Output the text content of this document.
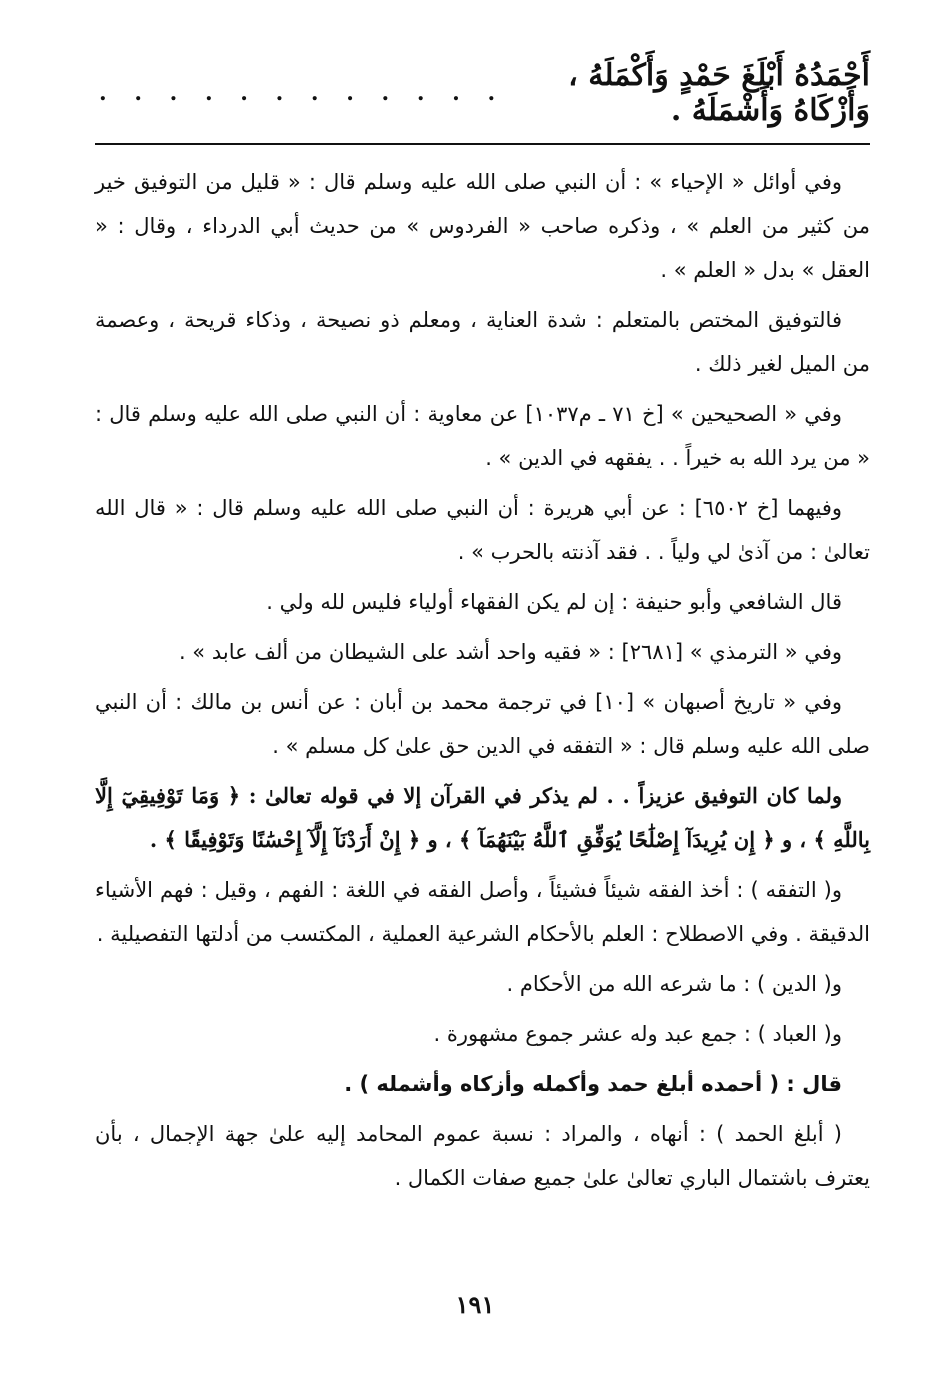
أَحْمَدُهُ أَبْلَغَ حَمْدٍ وَأَكْمَلَهُ ، وَأَزْكَاهُ وَأَشْمَلَهُ .
. . . . . . . . . . . .

وفي أوائل « الإحياء » : أن النبي صلى الله عليه وسلم قال : « قليل من التوفيق خير من كثير من العلم » ، وذكره صاحب « الفردوس » من حديث أبي الدرداء ، وقال : « العقل » بدل « العلم » .

فالتوفيق المختص بالمتعلم : شدة العناية ، ومعلم ذو نصيحة ، وذكاء قريحة ، وعصمة من الميل لغير ذلك .

وفي « الصحيحين » [خ ٧١ ـ م١٠٣٧] عن معاوية : أن النبي صلى الله عليه وسلم قال : « من يرد الله به خيراً . . يفقهه في الدين » .

وفيهما [خ ٦٥٠٢] : عن أبي هريرة : أن النبي صلى الله عليه وسلم قال : « قال الله تعالىٰ : من آذىٰ لي ولياً . . فقد آذنته بالحرب » .

قال الشافعي وأبو حنيفة : إن لم يكن الفقهاء أولياء فليس لله ولي .

وفي « الترمذي » [٢٦٨١] : « فقيه واحد أشد على الشيطان من ألف عابد » .

وفي « تاريخ أصبهان » [١٠] في ترجمة محمد بن أبان : عن أنس بن مالك : أن النبي صلى الله عليه وسلم قال : « التفقه في الدين حق علىٰ كل مسلم » .

ولما كان التوفيق عزيزاً . . لم يذكر في القرآن إلا في قوله تعالىٰ : ﴿ وَمَا تَوْفِيقِيٓ إِلَّا بِاللَّهِ ﴾ ، و ﴿ إِن يُرِيدَآ إِصْلَٰحًا يُوَفِّقِ ٱللَّهُ بَيْنَهُمَآ ﴾ ، و ﴿ إِنْ أَرَدْنَآ إِلَّآ إِحْسَٰنًا وَتَوْفِيقًا ﴾ .

و( التفقه ) : أخذ الفقه شيئاً فشيئاً ، وأصل الفقه في اللغة : الفهم ، وقيل : فهم الأشياء الدقيقة . وفي الاصطلاح : العلم بالأحكام الشرعية العملية ، المكتسب من أدلتها التفصيلية .

و( الدين ) : ما شرعه الله من الأحكام .

و( العباد ) : جمع عبد وله عشر جموع مشهورة .

قال : ( أحمده أبلغ حمد وأكمله وأزكاه وأشمله ) .

( أبلغ الحمد ) : أنهاه ، والمراد : نسبة عموم المحامد إليه علىٰ جهة الإجمال ، بأن يعترف باشتمال الباري تعالىٰ علىٰ جميع صفات الكمال .

١٩١
